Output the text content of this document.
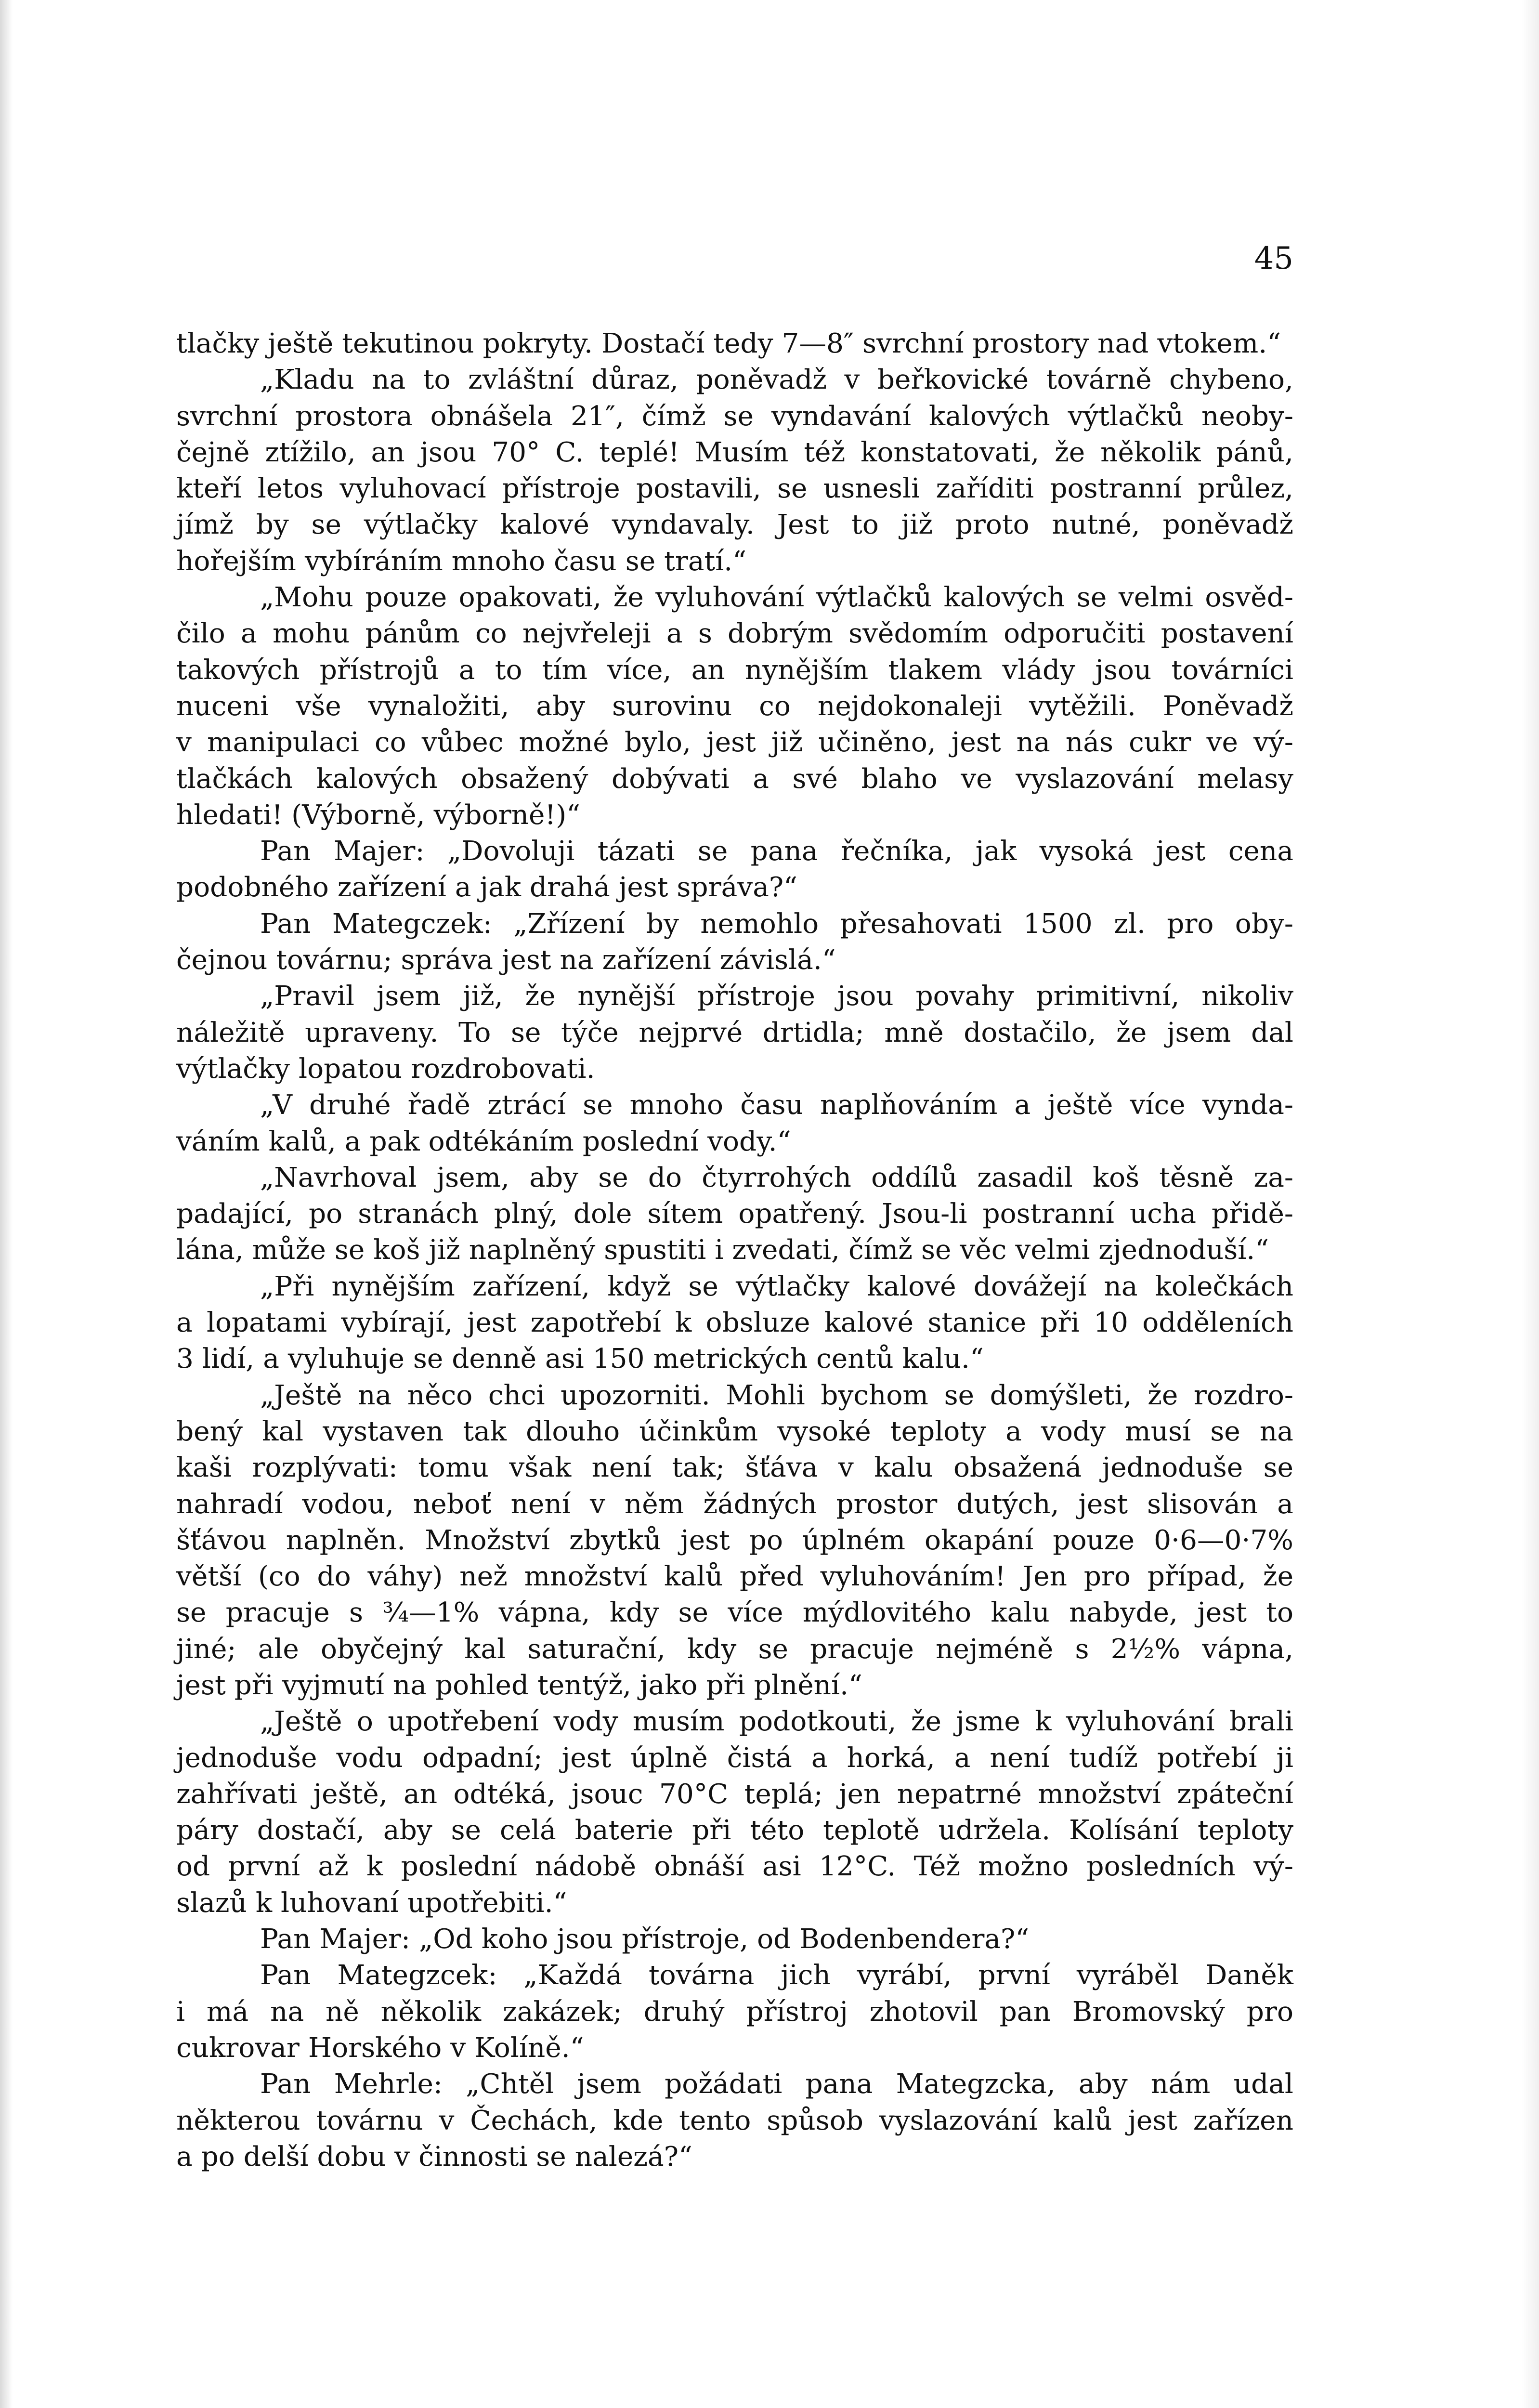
45

tlačky ještě tekutinou pokryty. Dostačí tedy 7—8″ svrchní prostory nad vtokem.“

„Kladu na to zvláštní důraz, poněvadž v beřkovické továrně chybeno,
svrchní prostora obnášela 21″, čímž se vyndavání kalových výtlačků neoby-
čejně ztížilo, an jsou 70° C. teplé! Musím též konstatovati, že několik pánů,
kteří letos vyluhovací přístroje postavili, se usnesli zaříditi postranní průlez,
jímž by se výtlačky kalové vyndavaly. Jest to již proto nutné, poněvadž
hořejším vybíráním mnoho času se tratí.“

„Mohu pouze opakovati, že vyluhování výtlačků kalových se velmi osvěd-
čilo a mohu pánům co nejvřeleji a s dobrým svědomím odporučiti postavení
takových přístrojů a to tím více, an nynějším tlakem vlády jsou továrníci
nuceni vše vynaložiti, aby surovinu co nejdokonaleji vytěžili. Poněvadž
v manipulaci co vůbec možné bylo, jest již učiněno, jest na nás cukr ve vý-
tlačkách kalových obsažený dobývati a své blaho ve vyslazování melasy
hledati! (Výborně, výborně!)“

Pan Majer: „Dovoluji tázati se pana řečníka, jak vysoká jest cena
podobného zařízení a jak drahá jest správa?“

Pan Mategczek: „Zřízení by nemohlo přesahovati 1500 zl. pro oby-
čejnou továrnu; správa jest na zařízení závislá.“

„Pravil jsem již, že nynější přístroje jsou povahy primitivní, nikoliv
náležitě upraveny. To se týče nejprvé drtidla; mně dostačilo, že jsem dal
výtlačky lopatou rozdrobovati.

„V druhé řadě ztrácí se mnoho času naplňováním a ještě více vynda-
váním kalů, a pak odtékáním poslední vody.“

„Navrhoval jsem, aby se do čtyrrohých oddílů zasadil koš těsně za-
padající, po stranách plný, dole sítem opatřený. Jsou-li postranní ucha přidě-
lána, může se koš již naplněný spustiti i zvedati, čímž se věc velmi zjednoduší.“

„Při nynějším zařízení, když se výtlačky kalové dovážejí na kolečkách
a lopatami vybírají, jest zapotřebí k obsluze kalové stanice při 10 odděleních
3 lidí, a vyluhuje se denně asi 150 metrických centů kalu.“

„Ještě na něco chci upozorniti. Mohli bychom se domýšleti, že rozdro-
bený kal vystaven tak dlouho účinkům vysoké teploty a vody musí se na
kaši rozplývati: tomu však není tak; šťáva v kalu obsažená jednoduše se
nahradí vodou, neboť není v něm žádných prostor dutých, jest slisován a
šťávou naplněn. Množství zbytků jest po úplném okapání pouze 0·6—0·7%
větší (co do váhy) než množství kalů před vyluhováním! Jen pro případ, že
se pracuje s ¾—1% vápna, kdy se více mýdlovitého kalu nabyde, jest to
jiné; ale obyčejný kal saturační, kdy se pracuje nejméně s 2½% vápna,
jest při vyjmutí na pohled tentýž, jako při plnění.“

„Ještě o upotřebení vody musím podotkouti, že jsme k vyluhování brali
jednoduše vodu odpadní; jest úplně čistá a horká, a není tudíž potřebí ji
zahřívati ještě, an odtéká, jsouc 70°C teplá; jen nepatrné množství zpáteční
páry dostačí, aby se celá baterie při této teplotě udržela. Kolísání teploty
od první až k poslední nádobě obnáší asi 12°C. Též možno posledních vý-
slazů k luhovaní upotřebiti.“

Pan Majer: „Od koho jsou přístroje, od Bodenbendera?“

Pan Mategzcek: „Každá továrna jich vyrábí, první vyráběl Daněk
i má na ně několik zakázek; druhý přístroj zhotovil pan Bromovský pro
cukrovar Horského v Kolíně.“

Pan Mehrle: „Chtěl jsem požádati pana Mategzcka, aby nám udal
některou továrnu v Čechách, kde tento spůsob vyslazování kalů jest zařízen
a po delší dobu v činnosti se nalezá?“
